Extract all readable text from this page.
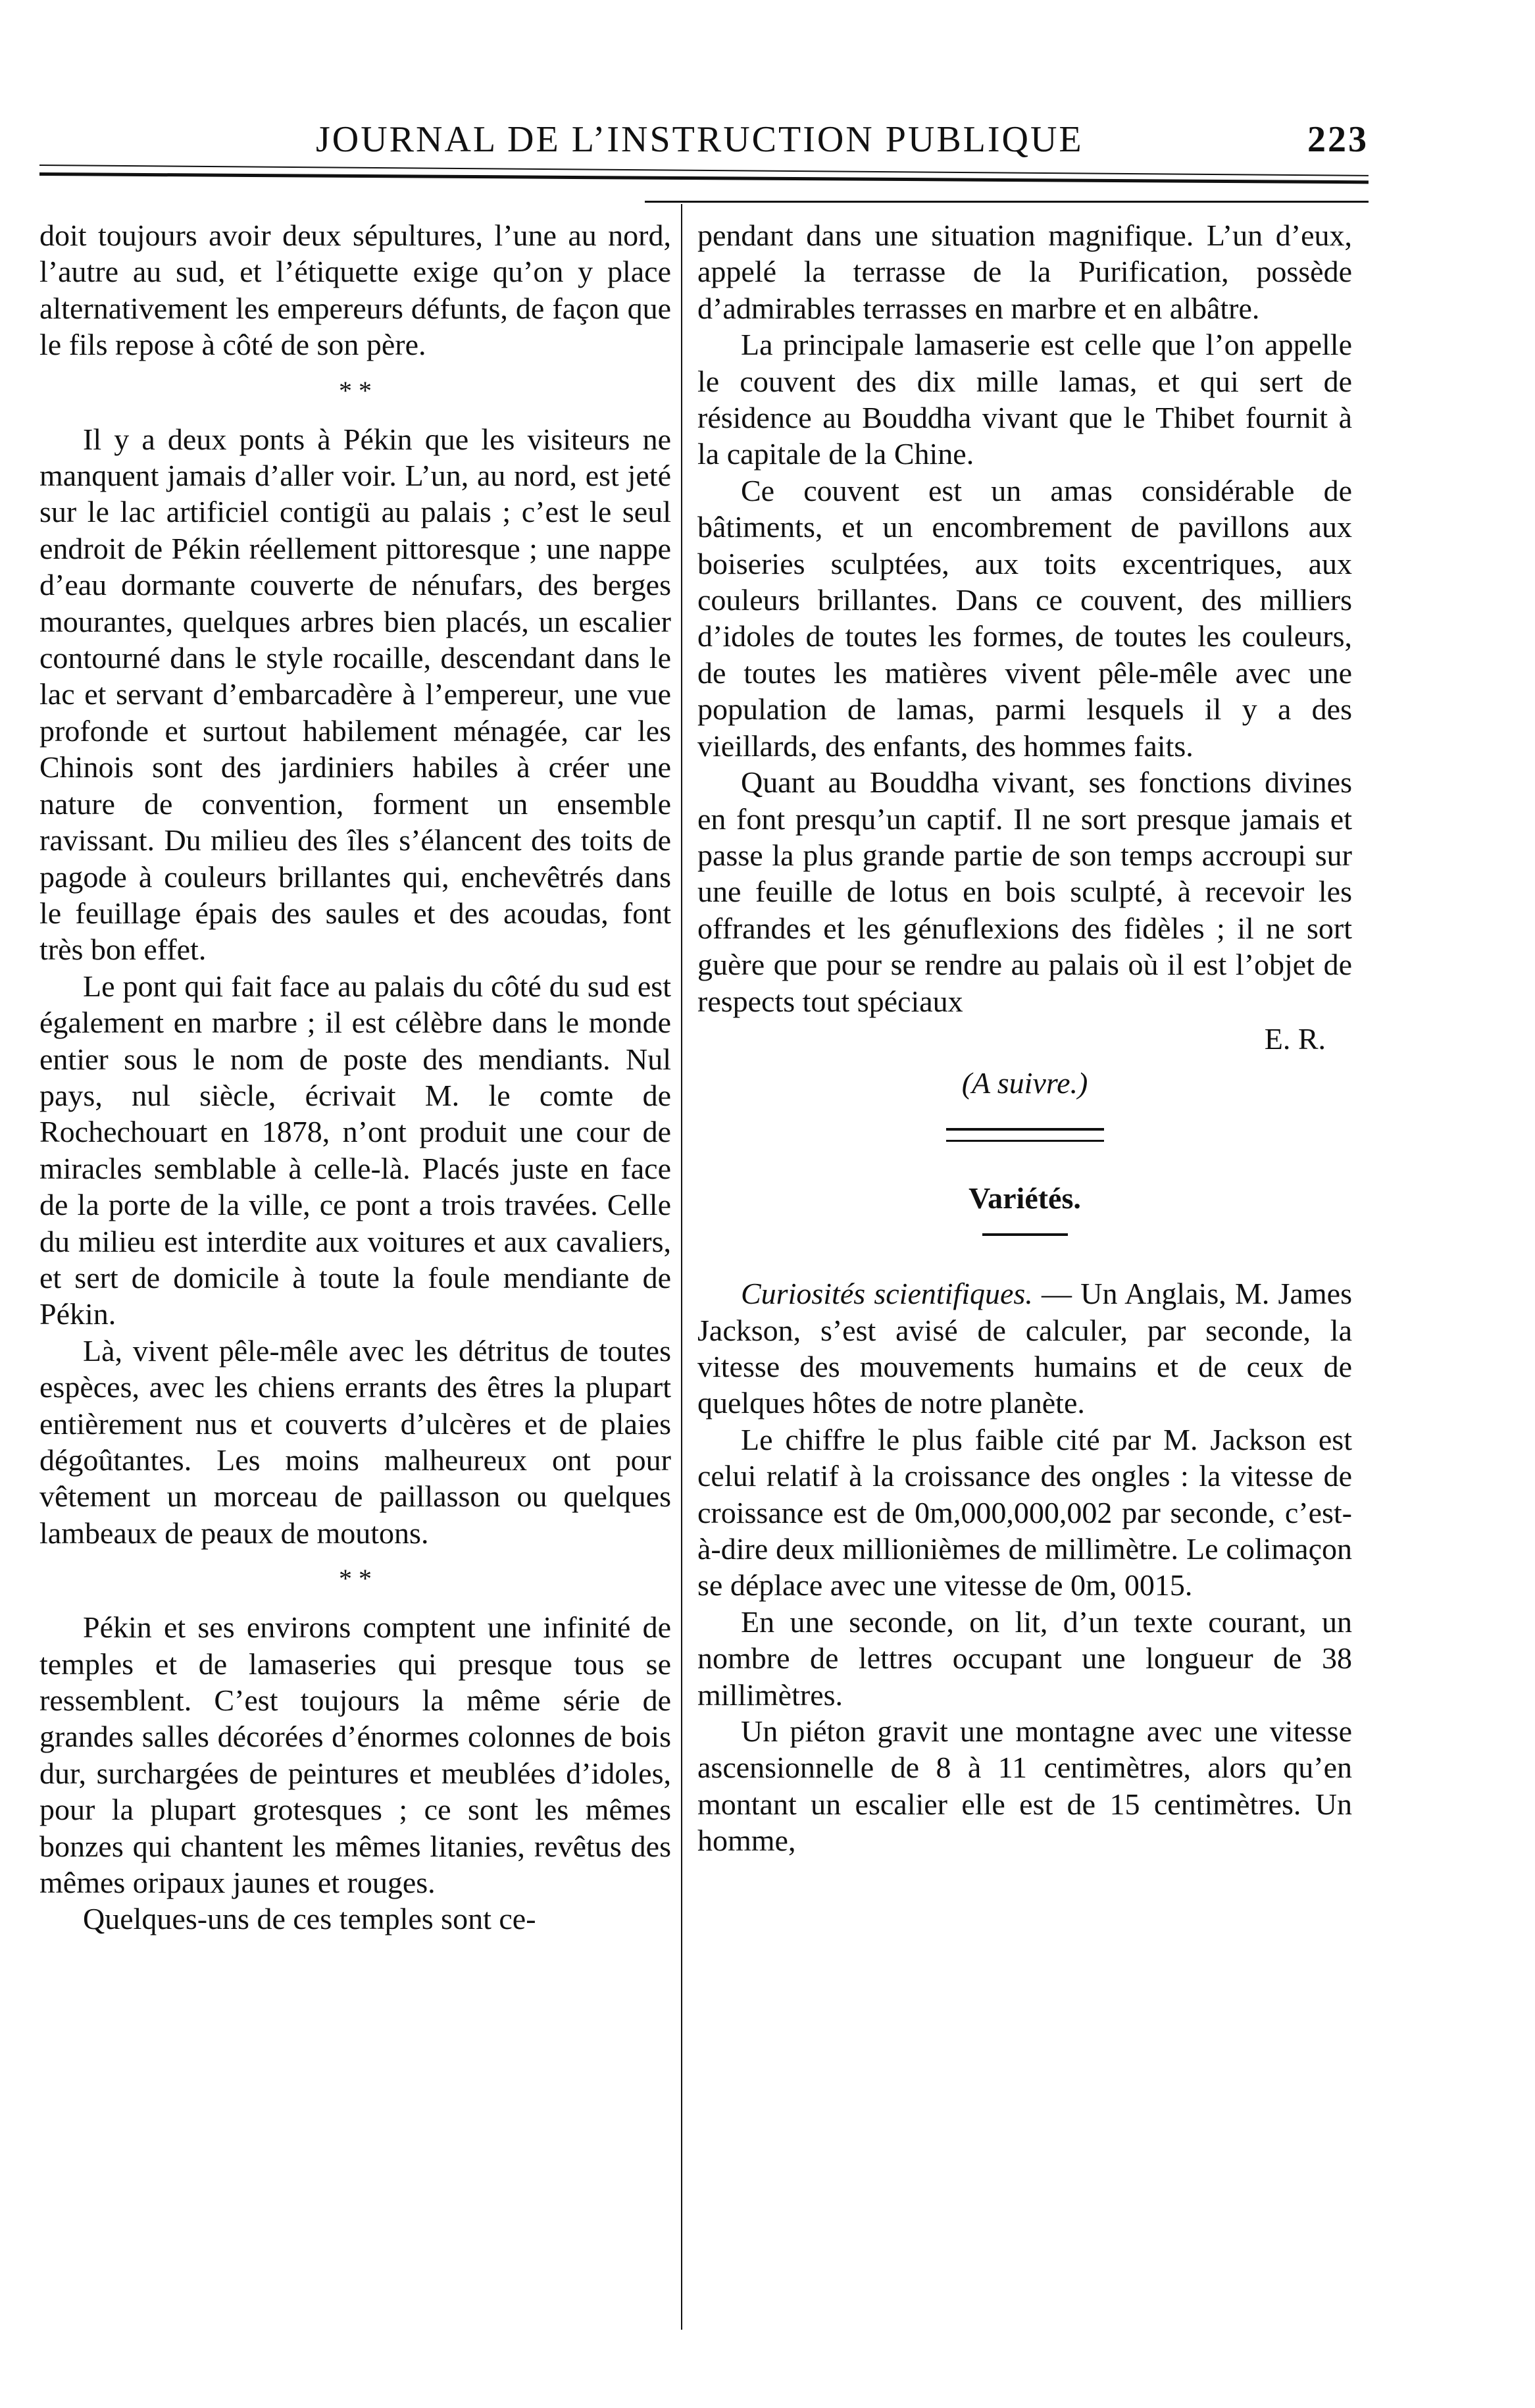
JOURNAL DE L’INSTRUCTION PUBLIQUE	223

doit toujours avoir deux sépultures, l’une au nord, l’autre au sud, et l’étiquette exige qu’on y place alternativement les empereurs défunts, de façon que le fils repose à côté de son père.

* *

Il y a deux ponts à Pékin que les visiteurs ne manquent jamais d’aller voir. L’un, au nord, est jeté sur le lac artificiel contigü au palais ; c’est le seul endroit de Pékin réellement pittoresque ; une nappe d’eau dormante couverte de nénufars, des berges mourantes, quelques arbres bien placés, un escalier contourné dans le style rocaille, descendant dans le lac et servant d’embarcadère à l’empereur, une vue profonde et surtout habilement ménagée, car les Chinois sont des jardiniers habiles à créer une nature de convention, forment un ensemble ravissant. Du milieu des îles s’élancent des toits de pagode à couleurs brillantes qui, enchevêtrés dans le feuillage épais des saules et des acoudas, font très bon effet.

Le pont qui fait face au palais du côté du sud est également en marbre ; il est célèbre dans le monde entier sous le nom de poste des mendiants. Nul pays, nul siècle, écrivait M. le comte de Rochechouart en 1878, n’ont produit une cour de miracles semblable à celle-là. Placés juste en face de la porte de la ville, ce pont a trois travées. Celle du milieu est interdite aux voitures et aux cavaliers, et sert de domicile à toute la foule mendiante de Pékin.

Là, vivent pêle-mêle avec les détritus de toutes espèces, avec les chiens errants des êtres la plupart entièrement nus et couverts d’ulcères et de plaies dégoûtantes. Les moins malheureux ont pour vêtement un morceau de paillasson ou quelques lambeaux de peaux de moutons.

* *

Pékin et ses environs comptent une infinité de temples et de lamaseries qui presque tous se ressemblent. C’est toujours la même série de grandes salles décorées d’énormes colonnes de bois dur, surchargées de peintures et meublées d’idoles, pour la plupart grotesques ; ce sont les mêmes bonzes qui chantent les mêmes litanies, revêtus des mêmes oripaux jaunes et rouges.

Quelques-uns de ces temples sont ce-

pendant dans une situation magnifique. L’un d’eux, appelé la terrasse de la Purification, possède d’admirables terrasses en marbre et en albâtre.

La principale lamaserie est celle que l’on appelle le couvent des dix mille lamas, et qui sert de résidence au Bouddha vivant que le Thibet fournit à la capitale de la Chine.

Ce couvent est un amas considérable de bâtiments, et un encombrement de pavillons aux boiseries sculptées, aux toits excentriques, aux couleurs brillantes. Dans ce couvent, des milliers d’idoles de toutes les formes, de toutes les couleurs, de toutes les matières vivent pêle-mêle avec une population de lamas, parmi lesquels il y a des vieillards, des enfants, des hommes faits.

Quant au Bouddha vivant, ses fonctions divines en font presqu’un captif. Il ne sort presque jamais et passe la plus grande partie de son temps accroupi sur une feuille de lotus en bois sculpté, à recevoir les offrandes et les génuflexions des fidèles ; il ne sort guère que pour se rendre au palais où il est l’objet de respects tout spéciaux

E. R.
(A suivre.)
Variétés.

Curiosités scientifiques. — Un Anglais, M. James Jackson, s’est avisé de calculer, par seconde, la vitesse des mouvements humains et de ceux de quelques hôtes de notre planète.

Le chiffre le plus faible cité par M. Jackson est celui relatif à la croissance des ongles : la vitesse de croissance est de 0m,000,000,002 par seconde, c’est-à-dire deux millionièmes de millimètre. Le colimaçon se déplace avec une vitesse de 0m, 0015.

En une seconde, on lit, d’un texte courant, un nombre de lettres occupant une longueur de 38 millimètres.

Un piéton gravit une montagne avec une vitesse ascensionnelle de 8 à 11 centimètres, alors qu’en montant un escalier elle est de 15 centimètres. Un homme,
